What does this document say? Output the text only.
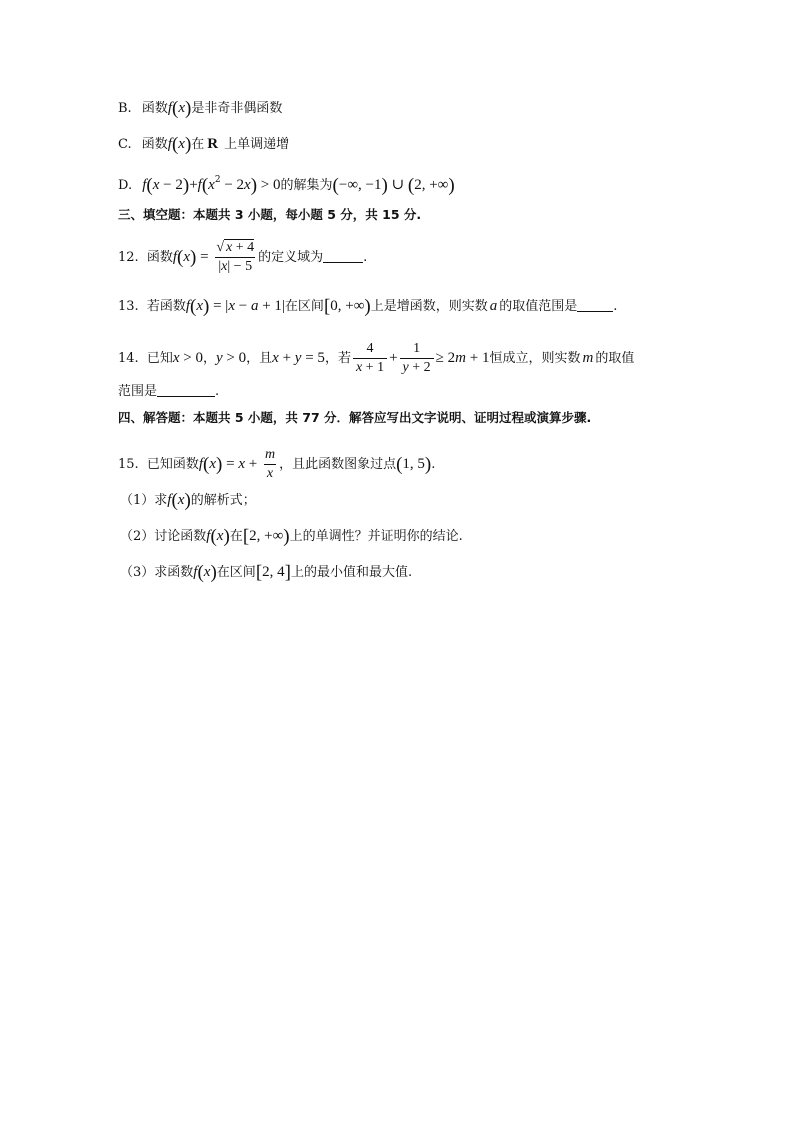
B. 函数f(x)是非奇非偶函数
C. 函数f(x)在 R 上单调递增
D. $f(x - 2)+f(x^2 - 2x) > 0$的解集为(−∞, −1) ∪ (2, +∞)
三、填空题：本题共 3 小题，每小题 5 分，共 15 分.
12. 函数$f(x) = \frac{√ x + 4}{|x| - 5}$ 的定义域为	.
13. 若函数f(x) = |x − a + 1|在区间[0, +∞)上是增函数，则实数 a 的取值范围是	.
14. 已知x > 0，y > 0，且x + y = 5，若 $\frac{4}{x + 1} + \frac{1}{y + 2} \ge 2m + 1$恒成立，则实数 m 的取值
范围是	.
四、解答题：本题共 5 小题，共 77 分．解答应写出文字说明、证明过程或演算步骤.
15. 已知函数$f(x) = x + \frac{m}{x}$ ，且此函数图象过点(1, 5).
（1）求f(x)的解析式；
（2）讨论函数f(x)在[2, +∞)上的单调性？并证明你的结论.
（3）求函数f(x)在区间[2, 4]上的最小值和最大值.
